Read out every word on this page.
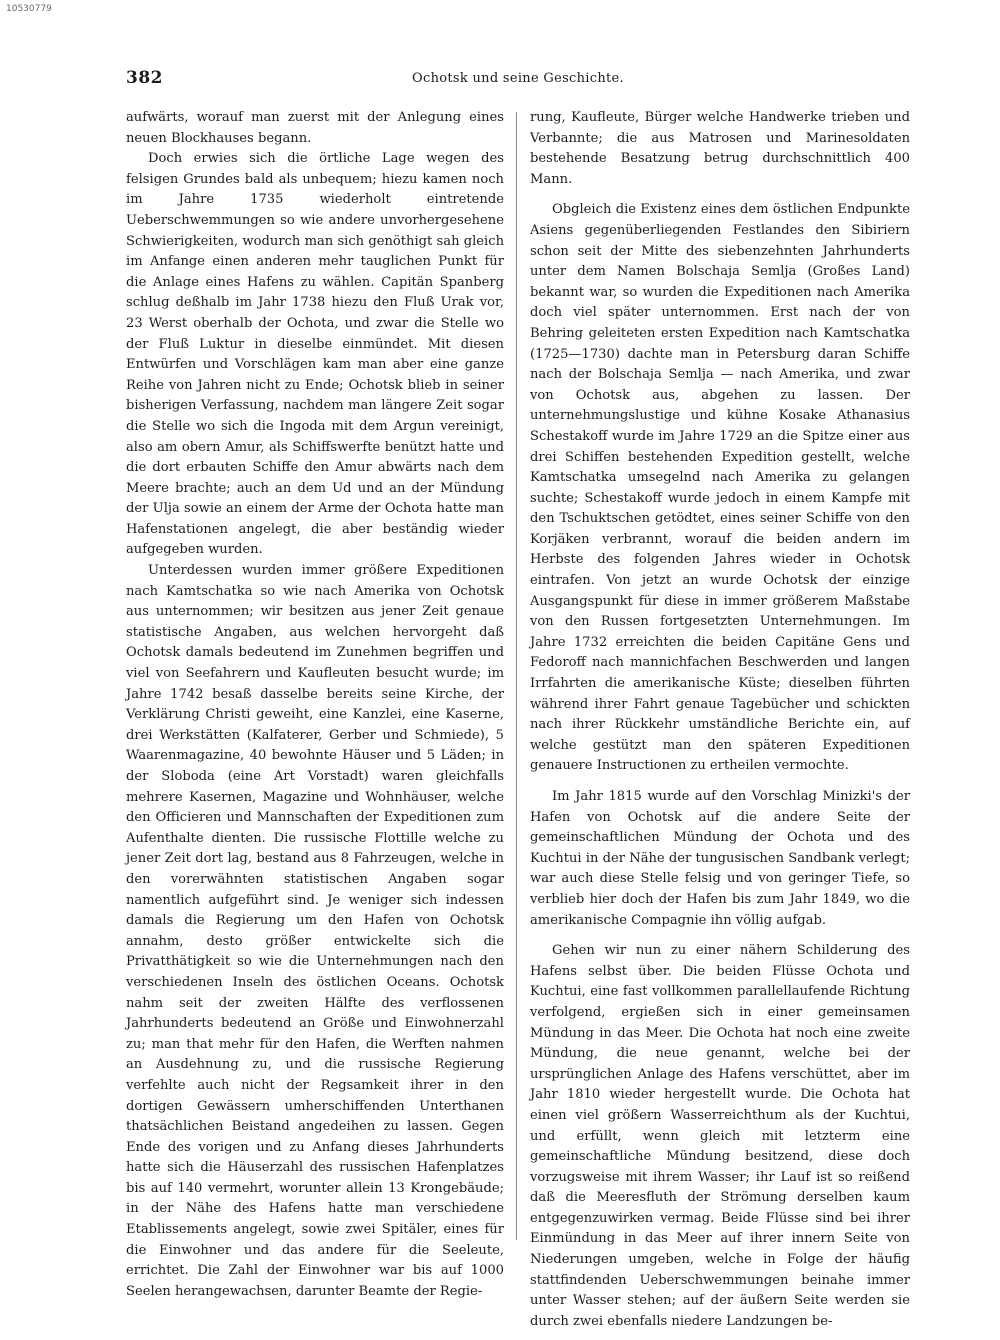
10530779
382	Ochotsk und seine Geschichte.

aufwärts, worauf man zuerst mit der Anlegung eines neuen Blockhauses begann.

Doch erwies sich die örtliche Lage wegen des felsigen Grundes bald als unbequem; hiezu kamen noch im Jahre 1735 wiederholt eintretende Ueberschwemmungen so wie andere unvorhergesehene Schwierigkeiten, wodurch man sich genöthigt sah gleich im Anfange einen anderen mehr tauglichen Punkt für die Anlage eines Hafens zu wählen. Capitän Spanberg schlug deßhalb im Jahr 1738 hiezu den Fluß Urak vor, 23 Werst oberhalb der Ochota, und zwar die Stelle wo der Fluß Luktur in dieselbe einmündet. Mit diesen Entwürfen und Vorschlägen kam man aber eine ganze Reihe von Jahren nicht zu Ende; Ochotsk blieb in seiner bisherigen Verfassung, nachdem man längere Zeit sogar die Stelle wo sich die Ingoda mit dem Argun vereinigt, also am obern Amur, als Schiffswerfte benützt hatte und die dort erbauten Schiffe den Amur abwärts nach dem Meere brachte; auch an dem Ud und an der Mündung der Ulja sowie an einem der Arme der Ochota hatte man Hafenstationen angelegt, die aber beständig wieder aufgegeben wurden.

Unterdessen wurden immer größere Expeditionen nach Kamtschatka so wie nach Amerika von Ochotsk aus unternommen; wir besitzen aus jener Zeit genaue statistische Angaben, aus welchen hervorgeht daß Ochotsk damals bedeutend im Zunehmen begriffen und viel von Seefahrern und Kaufleuten besucht wurde; im Jahre 1742 besaß dasselbe bereits seine Kirche, der Verklärung Christi geweiht, eine Kanzlei, eine Kaserne, drei Werkstätten (Kalfaterer, Gerber und Schmiede), 5 Waarenmagazine, 40 bewohnte Häuser und 5 Läden; in der Sloboda (eine Art Vorstadt) waren gleichfalls mehrere Kasernen, Magazine und Wohnhäuser, welche den Officieren und Mannschaften der Expeditionen zum Aufenthalte dienten. Die russische Flottille welche zu jener Zeit dort lag, bestand aus 8 Fahrzeugen, welche in den vorerwähnten statistischen Angaben sogar namentlich aufgeführt sind. Je weniger sich indessen damals die Regierung um den Hafen von Ochotsk annahm, desto größer entwickelte sich die Privatthätigkeit so wie die Unternehmungen nach den verschiedenen Inseln des östlichen Oceans. Ochotsk nahm seit der zweiten Hälfte des verflossenen Jahrhunderts bedeutend an Größe und Einwohnerzahl zu; man that mehr für den Hafen, die Werften nahmen an Ausdehnung zu, und die russische Regierung verfehlte auch nicht der Regsamkeit ihrer in den dortigen Gewässern umherschiffenden Unterthanen thatsächlichen Beistand angedeihen zu lassen. Gegen Ende des vorigen und zu Anfang dieses Jahrhunderts hatte sich die Häuserzahl des russischen Hafenplatzes bis auf 140 vermehrt, worunter allein 13 Krongebäude; in der Nähe des Hafens hatte man verschiedene Etablissements angelegt, sowie zwei Spitäler, eines für die Einwohner und das andere für die Seeleute, errichtet. Die Zahl der Einwohner war bis auf 1000 Seelen herangewachsen, darunter Beamte der Regie-

rung, Kaufleute, Bürger welche Handwerke trieben und Verbannte; die aus Matrosen und Marinesoldaten bestehende Besatzung betrug durchschnittlich 400 Mann.

Obgleich die Existenz eines dem östlichen Endpunkte Asiens gegenüberliegenden Festlandes den Sibiriern schon seit der Mitte des siebenzehnten Jahrhunderts unter dem Namen Bolschaja Semlja (Großes Land) bekannt war, so wurden die Expeditionen nach Amerika doch viel später unternommen. Erst nach der von Behring geleiteten ersten Expedition nach Kamtschatka (1725—1730) dachte man in Petersburg daran Schiffe nach der Bolschaja Semlja — nach Amerika, und zwar von Ochotsk aus, abgehen zu lassen. Der unternehmungslustige und kühne Kosake Athanasius Schestakoff wurde im Jahre 1729 an die Spitze einer aus drei Schiffen bestehenden Expedition gestellt, welche Kamtschatka umsegelnd nach Amerika zu gelangen suchte; Schestakoff wurde jedoch in einem Kampfe mit den Tschuktschen getödtet, eines seiner Schiffe von den Korjäken verbrannt, worauf die beiden andern im Herbste des folgenden Jahres wieder in Ochotsk eintrafen. Von jetzt an wurde Ochotsk der einzige Ausgangspunkt für diese in immer größerem Maßstabe von den Russen fortgesetzten Unternehmungen. Im Jahre 1732 erreichten die beiden Capitäne Gens und Fedoroff nach mannichfachen Beschwerden und langen Irrfahrten die amerikanische Küste; dieselben führten während ihrer Fahrt genaue Tagebücher und schickten nach ihrer Rückkehr umständliche Berichte ein, auf welche gestützt man den späteren Expeditionen genauere Instructionen zu ertheilen vermochte.

Im Jahr 1815 wurde auf den Vorschlag Minizki's der Hafen von Ochotsk auf die andere Seite der gemeinschaftlichen Mündung der Ochota und des Kuchtui in der Nähe der tungusischen Sandbank verlegt; war auch diese Stelle felsig und von geringer Tiefe, so verblieb hier doch der Hafen bis zum Jahr 1849, wo die amerikanische Compagnie ihn völlig aufgab.

Gehen wir nun zu einer nähern Schilderung des Hafens selbst über. Die beiden Flüsse Ochota und Kuchtui, eine fast vollkommen parallellaufende Richtung verfolgend, ergießen sich in einer gemeinsamen Mündung in das Meer. Die Ochota hat noch eine zweite Mündung, die neue genannt, welche bei der ursprünglichen Anlage des Hafens verschüttet, aber im Jahr 1810 wieder hergestellt wurde. Die Ochota hat einen viel größern Wasserreichthum als der Kuchtui, und erfüllt, wenn gleich mit letzterm eine gemeinschaftliche Mündung besitzend, diese doch vorzugsweise mit ihrem Wasser; ihr Lauf ist so reißend daß die Meeresfluth der Strömung derselben kaum entgegenzuwirken vermag. Beide Flüsse sind bei ihrer Einmündung in das Meer auf ihrer innern Seite von Niederungen umgeben, welche in Folge der häufig stattfindenden Ueberschwemmungen beinahe immer unter Wasser stehen; auf der äußern Seite werden sie durch zwei ebenfalls niedere Landzungen be-
